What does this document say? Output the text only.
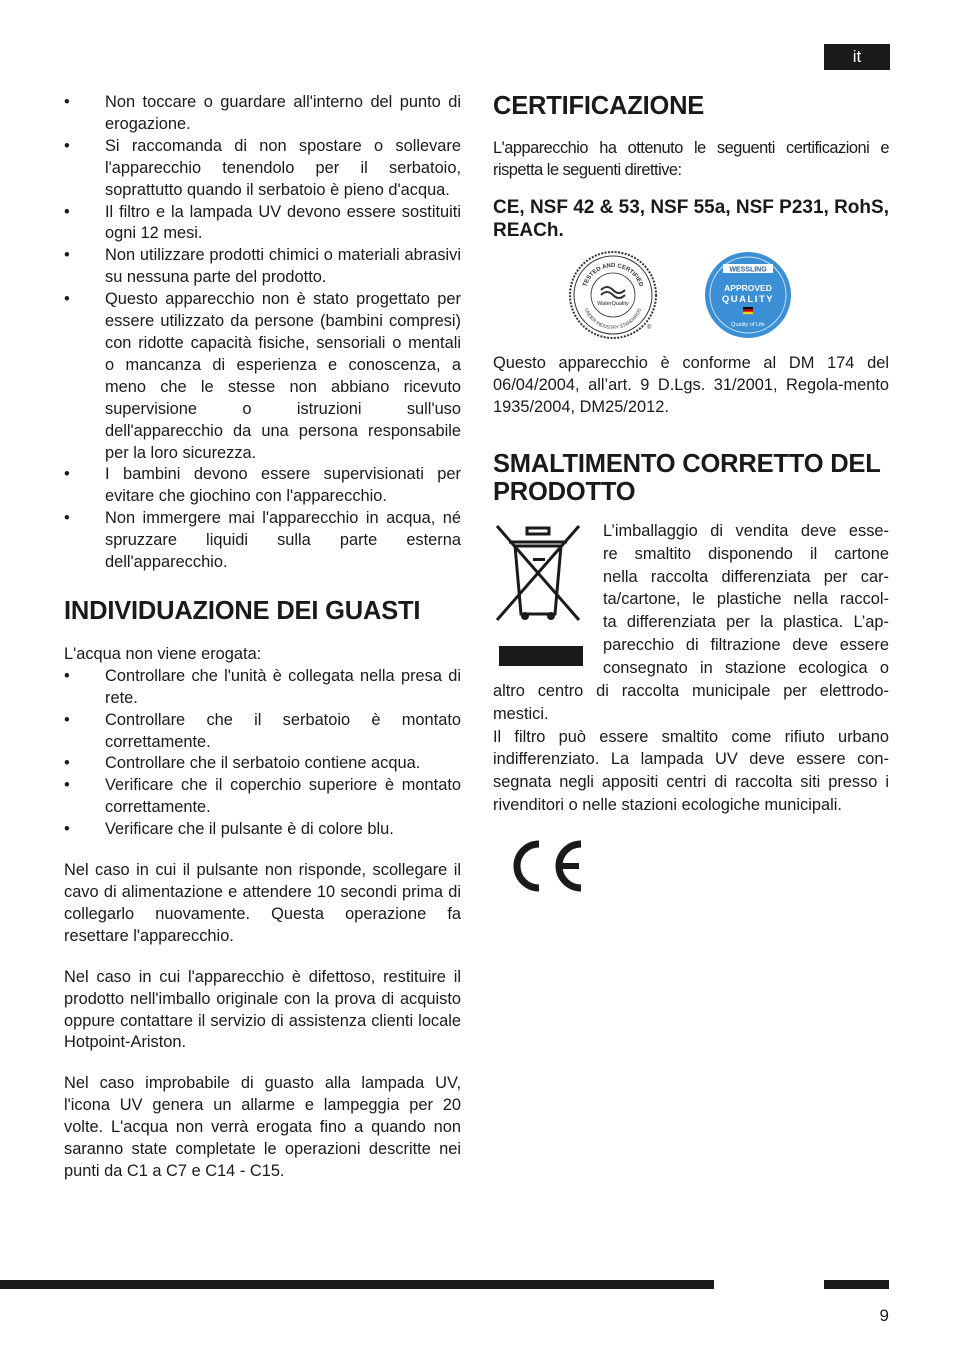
it
• Non toccare o guardare all'interno del punto di erogazione.
• Si raccomanda di non spostare o sollevare l'apparecchio tenendolo per il serbatoio, soprattutto quando il serbatoio è pieno d'acqua.
• Il filtro e la lampada UV devono essere sostituiti ogni 12 mesi.
• Non utilizzare prodotti chimici o materiali abrasivi su nessuna parte del prodotto.
• Questo apparecchio non è stato progettato per essere utilizzato da persone (bambini compresi) con ridotte capacità fisiche, sensoriali o mentali o mancanza di esperienza e conoscenza, a meno che le stesse non abbiano ricevuto supervisione o istruzioni sull'uso dell'apparecchio da una persona responsabile per la loro sicurezza.
• I bambini devono essere supervisionati per evitare che giochino con l'apparecchio.
• Non immergere mai l'apparecchio in acqua, né spruzzare liquidi sulla parte esterna dell'apparecchio.
INDIVIDUAZIONE DEI GUASTI

L'acqua non viene erogata:

• Controllare che l'unità è collegata nella presa di rete.
• Controllare che il serbatoio è montato correttamente.
• Controllare che il serbatoio contiene acqua.
• Verificare che il coperchio superiore è montato correttamente.
• Verificare che il pulsante è di colore blu.

Nel caso in cui il pulsante non risponde, scollegare il cavo di alimentazione e attendere 10 secondi prima di collegarlo nuovamente. Questa operazione fa resettare l'apparecchio.

Nel caso in cui l'apparecchio è difettoso, restituire il prodotto nell'imballo originale con la prova di acquisto oppure contattare il servizio di assistenza clienti locale Hotpoint-Ariston.

Nel caso improbabile di guasto alla lampada UV, l'icona UV genera un allarme e lampeggia per 20 volte. L'acqua non verrà erogata fino a quando non saranno state completate le operazioni descritte nei punti da C1 a C7 e C14 - C15.

CERTIFICAZIONE

L'apparecchio ha ottenuto le seguenti certificazioni e rispetta le seguenti direttive:

CE, NSF 42 & 53, NSF 55a, NSF P231, RohS, REACh.
TESTED AND CERTIFIED
UNDER INDUSTRY STANDARDS
WaterQuality
®
WESSLING
APPROVED
QUALITY
Quality of Life

Questo apparecchio è conforme al DM 174 del 06/04/2004, all’art. 9 D.Lgs. 31/2001, Regola-mento 1935/2004, DM25/2012.

SMALTIMENTO CORRETTO DEL PRODOTTO
L’imballaggio di vendita deve esse-
re smaltito disponendo il cartone
nella raccolta differenziata per car-
ta/cartone, le plastiche nella raccol-
ta differenziata per la plastica. L’ap-
parecchio di filtrazione deve essere
consegnato in stazione ecologica o

altro centro di raccolta municipale per elettrodo-mestici.

Il filtro può essere smaltito come rifiuto urbano indifferenziato. La lampada UV deve essere con-segnata negli appositi centri di raccolta siti presso i rivenditori o nelle stazioni ecologiche municipali.

9
